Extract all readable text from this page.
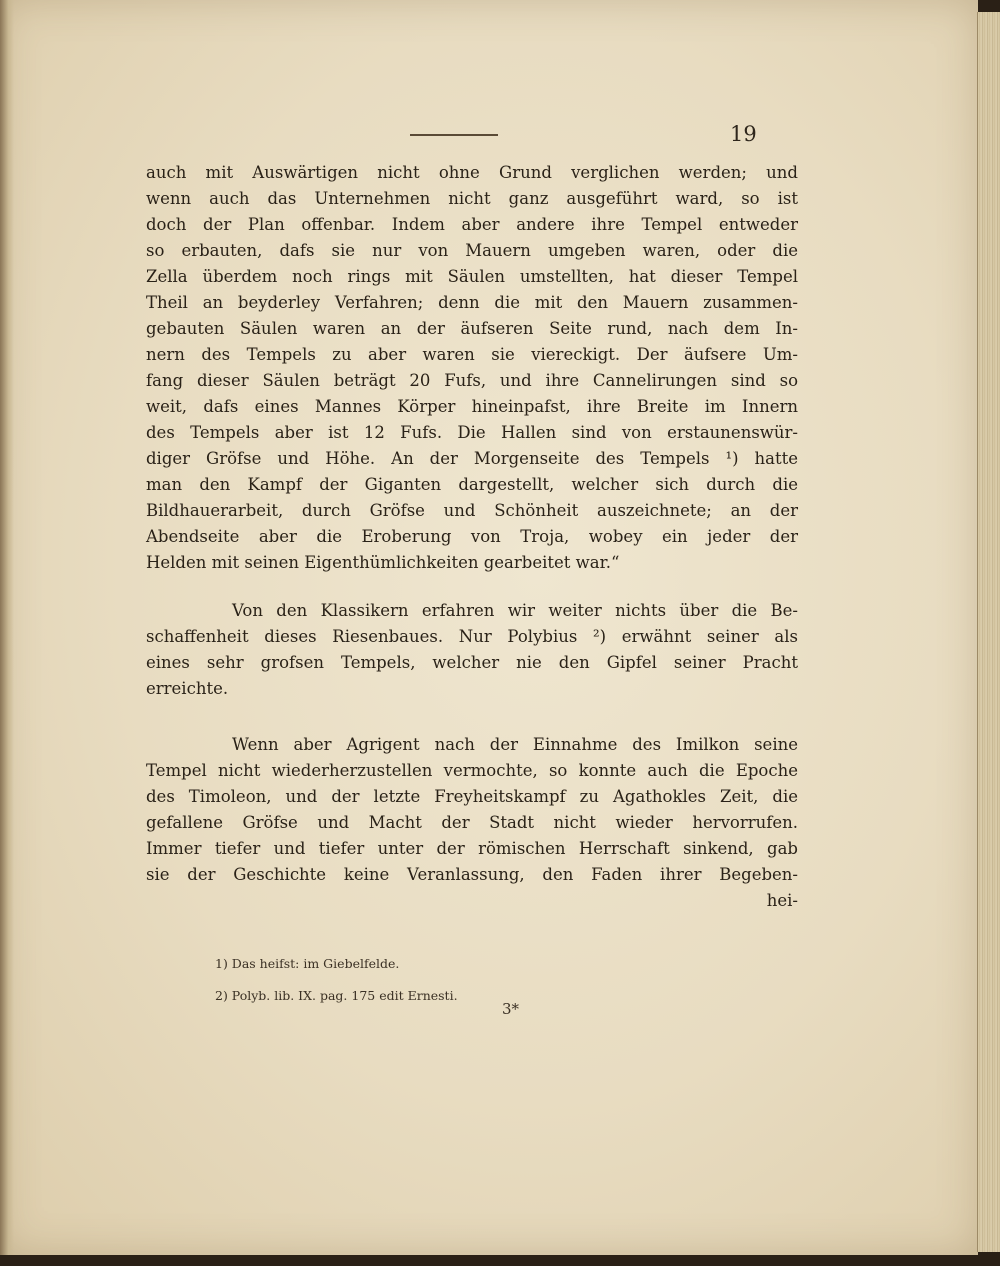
19
auch mit Auswärtigen nicht ohne Grund verglichen werden; und
wenn auch das Unternehmen nicht ganz ausgeführt ward, so ist
doch der Plan offenbar. Indem aber andere ihre Tempel entweder
so erbauten, dafs sie nur von Mauern umgeben waren, oder die
Zella überdem noch rings mit Säulen umstellten, hat dieser Tempel
Theil an beyderley Verfahren; denn die mit den Mauern zusammen-
gebauten Säulen waren an der äufseren Seite rund, nach dem In-
nern des Tempels zu aber waren sie viereckigt. Der äufsere Um-
fang dieser Säulen beträgt 20 Fufs, und ihre Cannelirungen sind so
weit, dafs eines Mannes Körper hineinpafst, ihre Breite im Innern
des Tempels aber ist 12 Fufs. Die Hallen sind von erstaunenswür-
diger Gröfse und Höhe. An der Morgenseite des Tempels ¹) hatte
man den Kampf der Giganten dargestellt, welcher sich durch die
Bildhauerarbeit, durch Gröfse und Schönheit auszeichnete; an der
Abendseite aber die Eroberung von Troja, wobey ein jeder der
Helden mit seinen Eigenthümlichkeiten gearbeitet war.“
Von den Klassikern erfahren wir weiter nichts über die Be-
schaffenheit dieses Riesenbaues. Nur Polybius ²) erwähnt seiner als
eines sehr grofsen Tempels, welcher nie den Gipfel seiner Pracht
erreichte.
Wenn aber Agrigent nach der Einnahme des Imilkon seine
Tempel nicht wiederherzustellen vermochte, so konnte auch die Epoche
des Timoleon, und der letzte Freyheitskampf zu Agathokles Zeit, die
gefallene Gröfse und Macht der Stadt nicht wieder hervorrufen.
Immer tiefer und tiefer unter der römischen Herrschaft sinkend, gab
sie der Geschichte keine Veranlassung, den Faden ihrer Begeben-
hei-
1) Das heifst: im Giebelfelde.
2) Polyb. lib. IX. pag. 175 edit Ernesti.
3*
